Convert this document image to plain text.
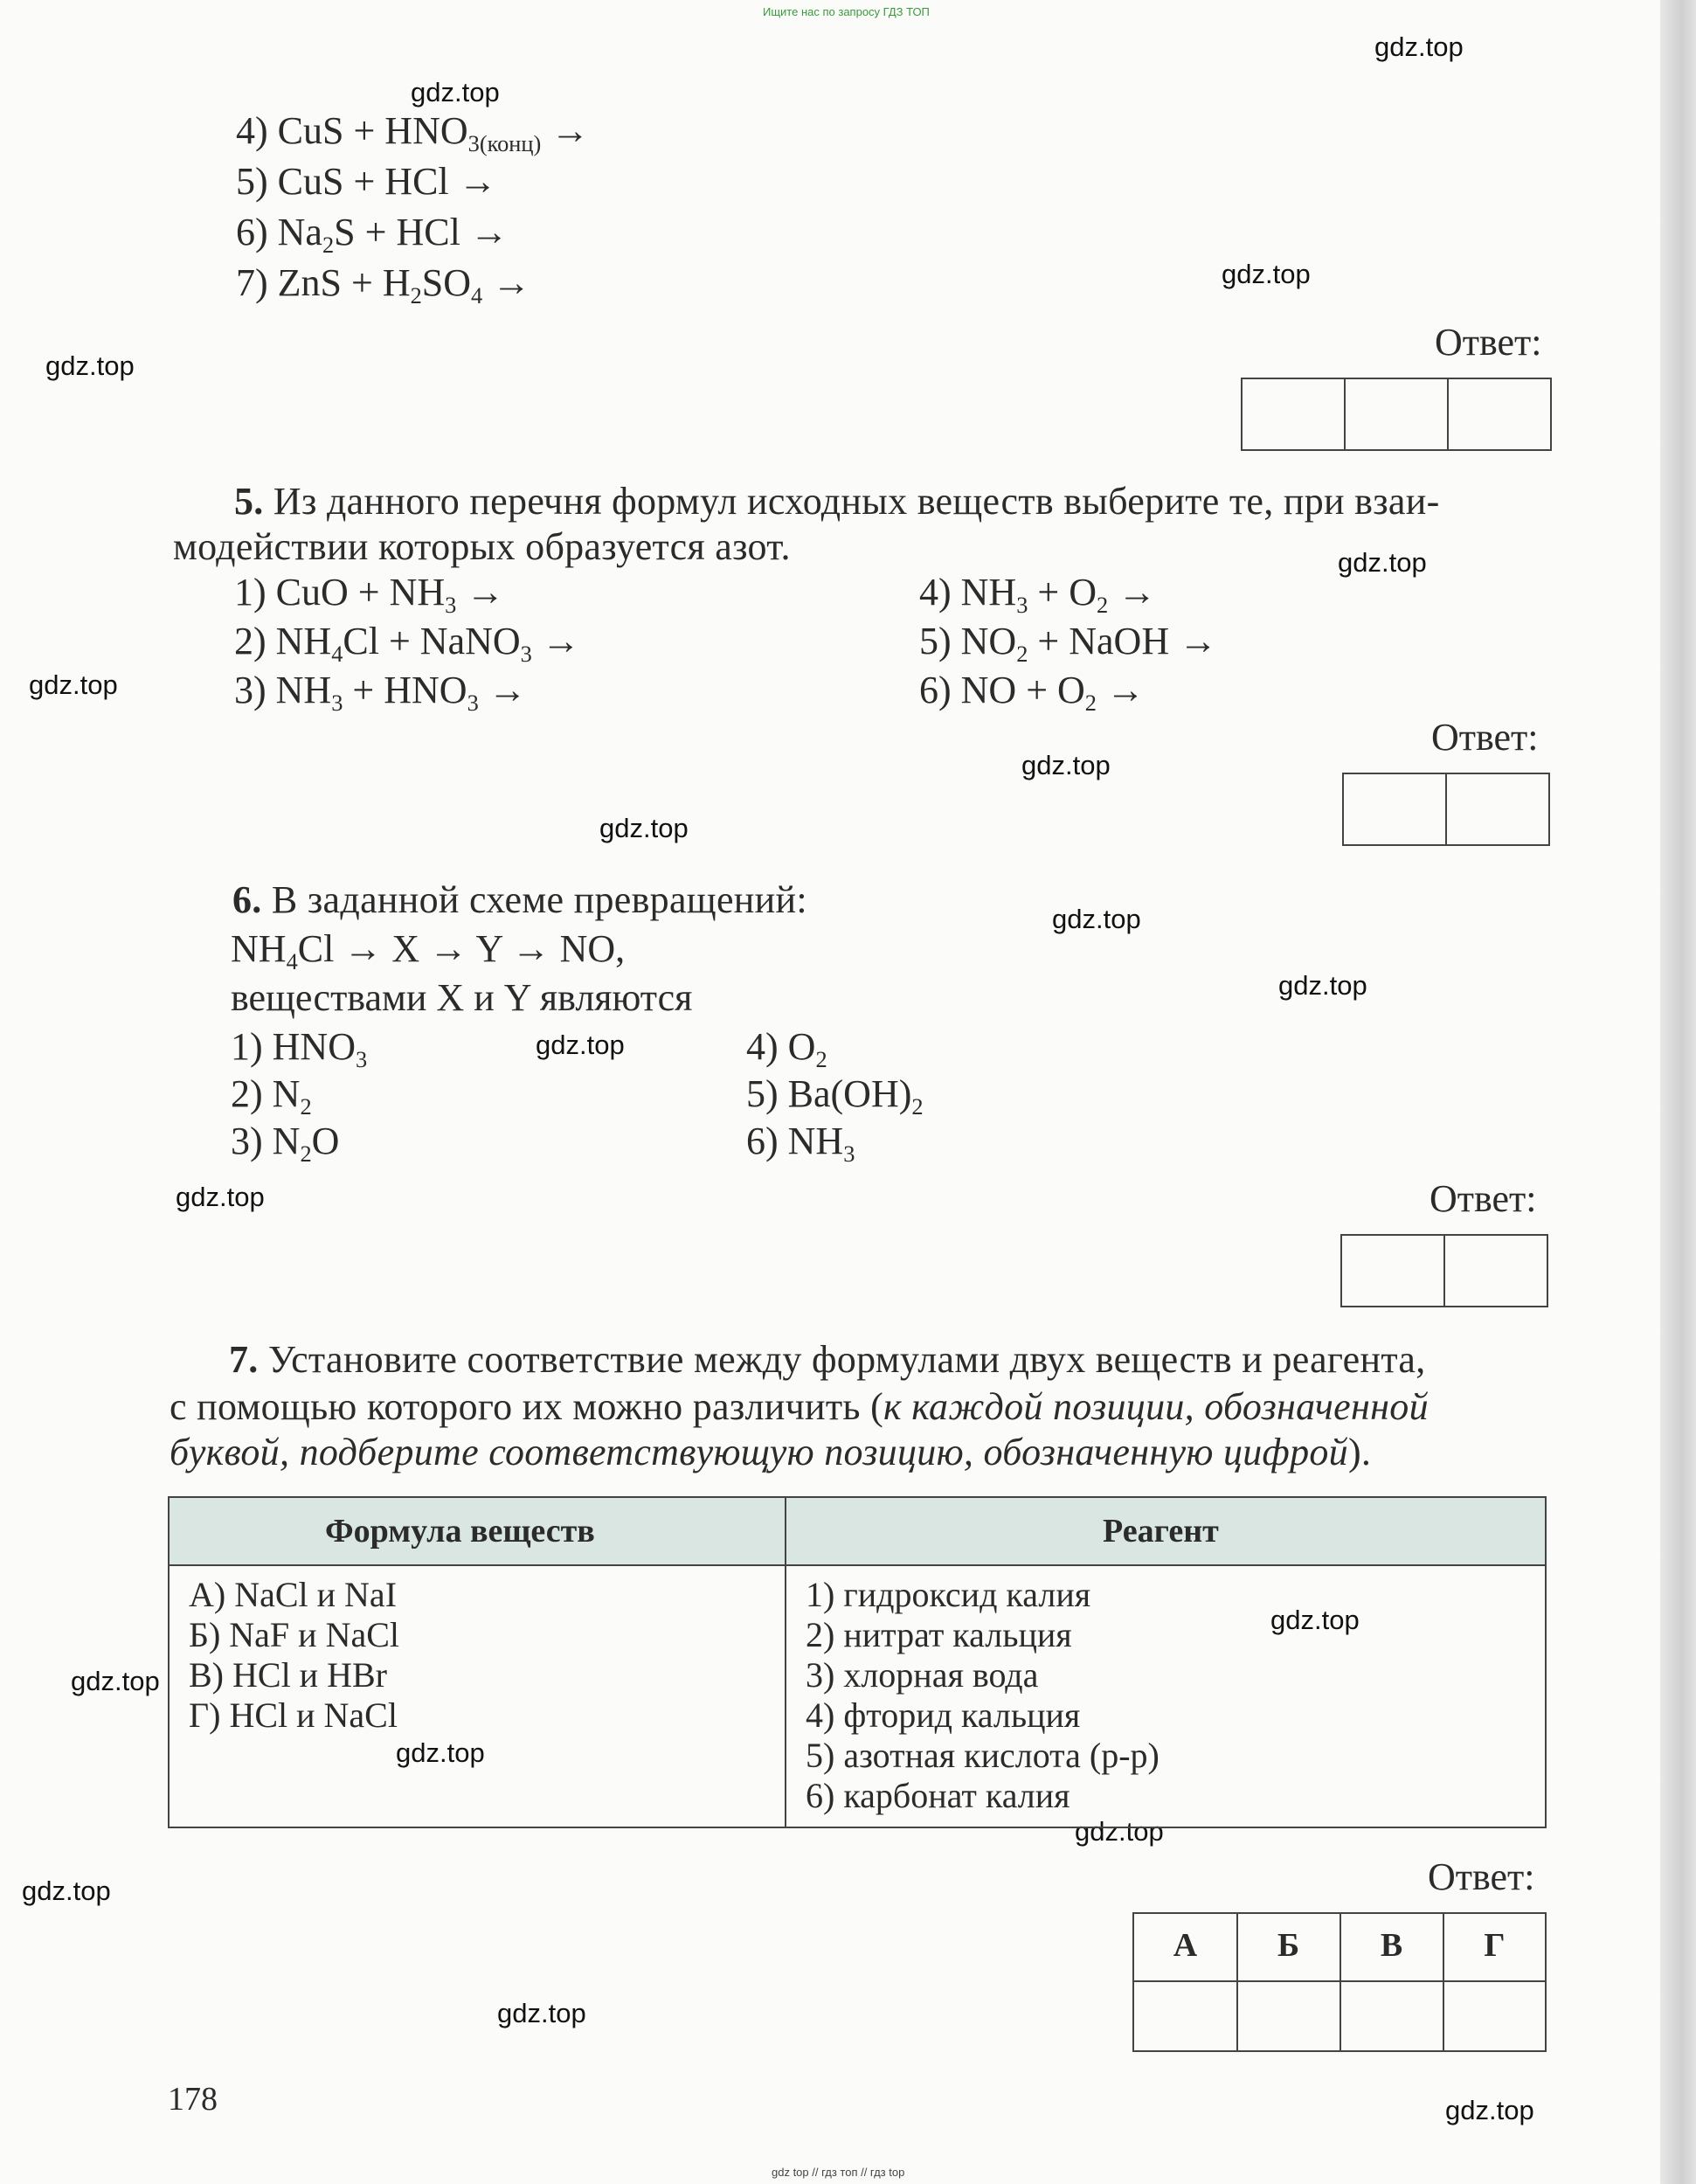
Ищите нас по запросу ГДЗ ТОП
gdz top // гдз топ // гдз top
gdz.top
gdz.top
gdz.top
gdz.top
gdz.top
gdz.top
gdz.top
gdz.top
gdz.top
gdz.top
gdz.top
gdz.top
gdz.top
gdz.top
gdz.top
gdz.top
gdz.top
gdz.top
gdz.top
4) CuS + $HNO_{3(конц)}$ →
5) CuS + HCl →
6) $Na_2S$ + HCl →
7) ZnS + $H_2SO_4$ →
Ответ:
5. Из данного перечня формул исходных веществ выберите те, при взаи-
модействии которых образуется азот.
1) CuO + $NH_3$ →
2) $NH_4Cl$ + NaNO$_3$ →
3) $NH_3 + HNO_3$ →
4) $NH_3 + O_2$ →
5) $NO_2$ + NaOH →
6) NO + $O_2$ →
Ответ:
6. В заданной схеме превращений:
$NH_4Cl \to X \to Y$ → NO,
веществами X и Y являются
1) $HNO_3$
2) $N_2$
3) $N_2O$
4) $O_2$
5) $Ba(OH)_2$
6) $NH_3$
Ответ:
7. Установите соответствие между формулами двух веществ и реагента,
с помощью которого их можно различить (к каждой позиции, обозначенной
буквой, подберите соответствующую позицию, обозначенную цифрой).
Формула веществ	Реагент
А) NaCl и NaI
Б) NaF и NaCl
В) HCl и HBr
Г) HCl и NaCl
1) гидроксид калия
2) нитрат кальция
3) хлорная вода
4) фторид кальция
5) азотная кислота (р-р)
6) карбонат калия
Ответ:
А	Б	В	Г
178
